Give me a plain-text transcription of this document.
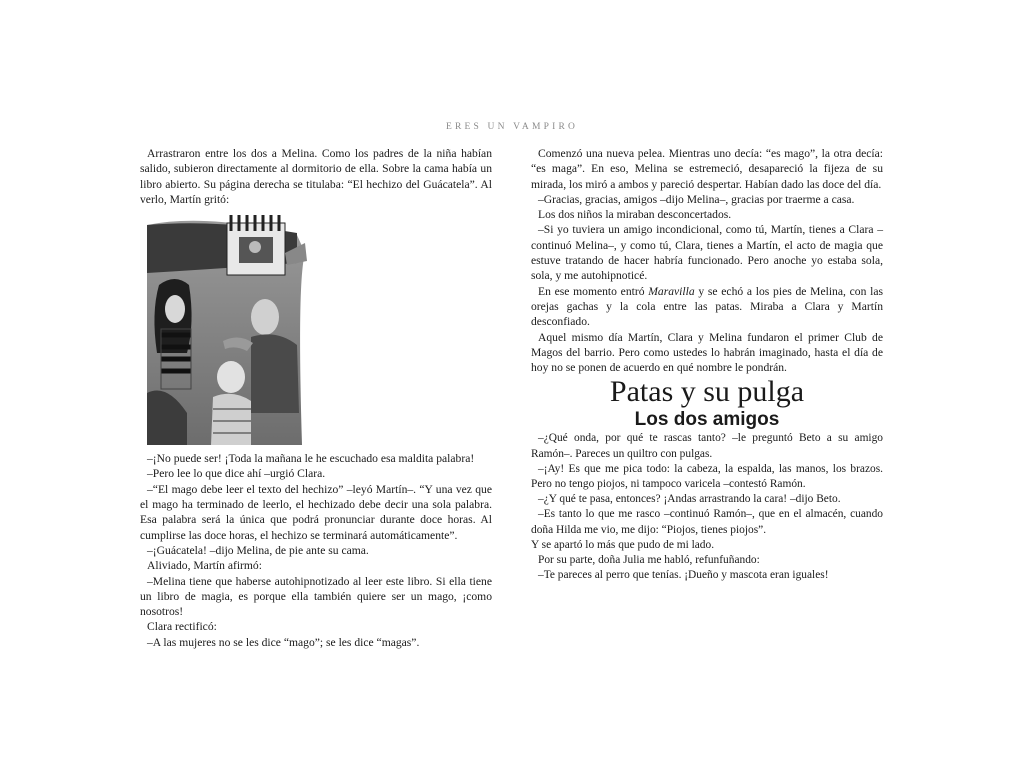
ERES UN VAMPIRO

Arrastraron entre los dos a Melina. Como los padres de la niña habían salido, subieron directamente al dormitorio de ella. Sobre la cama había un libro abierto. Su página derecha se titulaba: “El hechizo del Guácatela”. Al verlo, Martín gritó:

–¡No puede ser! ¡Toda la mañana le he escuchado esa maldita palabra!

–Pero lee lo que dice ahí –urgió Clara.

–“El mago debe leer el texto del hechizo” –leyó Martín–. “Y una vez que el mago ha terminado de leerlo, el hechizado debe decir una sola palabra. Esa palabra será la única que podrá pronunciar durante doce horas. Al cumplirse las doce horas, el hechizo se terminará automáticamente”.

–¡Guácatela! –dijo Melina, de pie ante su cama.

Aliviado, Martín afirmó:

–Melina tiene que haberse autohipnotizado al leer este libro. Si ella tiene un libro de magia, es porque ella también quiere ser un mago, ¡como nosotros!

Clara rectificó:

–A las mujeres no se les dice “mago”; se les dice “magas”.

Comenzó una nueva pelea. Mientras uno decía: “es mago”, la otra decía: “es maga”. En eso, Melina se estremeció, desapareció la fijeza de su mirada, los miró a ambos y pareció despertar. Habían dado las doce del día.

–Gracias, gracias, amigos –dijo Melina–, gracias por traerme a casa.

Los dos niños la miraban desconcertados.

–Si yo tuviera un amigo incondicional, como tú, Martín, tienes a Clara –continuó Melina–, y como tú, Clara, tienes a Martín, el acto de magia que estuve tratando de hacer habría funcionado. Pero anoche yo estaba sola, sola, y me autohipnoticé.

En ese momento entró Maravilla y se echó a los pies de Melina, con las orejas gachas y la cola entre las patas. Miraba a Clara y Martín desconfiado.

Aquel mismo día Martín, Clara y Melina fundaron el primer Club de Magos del barrio. Pero como ustedes lo habrán imaginado, hasta el día de hoy no se ponen de acuerdo en qué nombre le pondrán.

Patas y su pulga

Los dos amigos

–¿Qué onda, por qué te rascas tanto? –le preguntó Beto a su amigo Ramón–. Pareces un quiltro con pulgas.

–¡Ay! Es que me pica todo: la cabeza, la espalda, las manos, los brazos. Pero no tengo piojos, ni tampoco varicela –contestó Ramón.

–¿Y qué te pasa, entonces? ¡Andas arrastrando la cara! –dijo Beto.

–Es tanto lo que me rasco –continuó Ramón–, que en el almacén, cuando doña Hilda me vio, me dijo: “Piojos, tienes piojos”.

Y se apartó lo más que pudo de mi lado.

Por su parte, doña Julia me habló, refunfuñando:

–Te pareces al perro que tenías. ¡Dueño y mascota eran iguales!
